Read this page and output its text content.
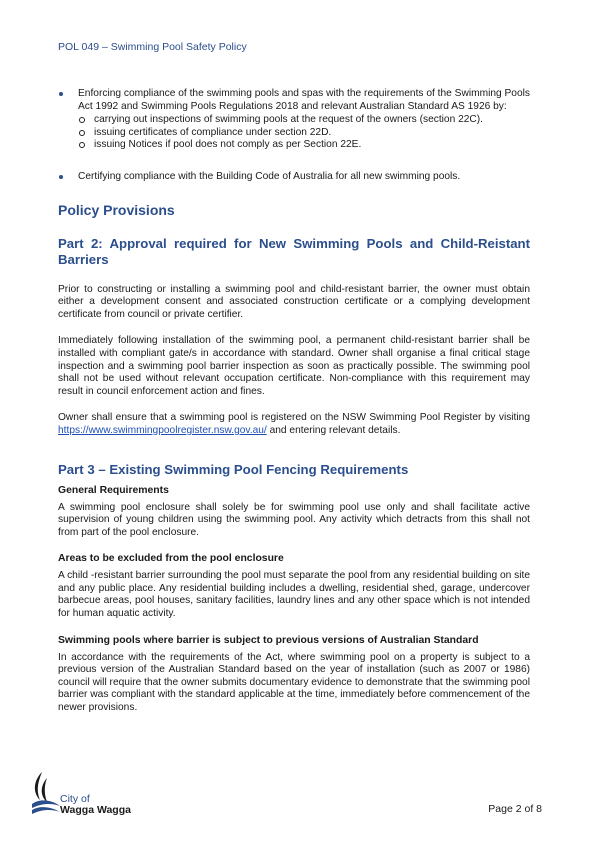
POL 049 – Swimming Pool Safety Policy
Enforcing compliance of the swimming pools and spas with the requirements of the Swimming Pools Act 1992 and Swimming Pools Regulations 2018 and relevant Australian Standard AS 1926 by:
carrying out inspections of swimming pools at the request of the owners (section 22C).
issuing certificates of compliance under section 22D.
issuing Notices if pool does not comply as per Section 22E.
Certifying compliance with the Building Code of Australia for all new swimming pools.
Policy Provisions
Part 2: Approval required for New Swimming Pools and Child-Reistant Barriers

Prior to constructing or installing a swimming pool and child-resistant barrier, the owner must obtain either a development consent and associated construction certificate or a complying development certificate from council or private certifier.

Immediately following installation of the swimming pool, a permanent child-resistant barrier shall be installed with compliant gate/s in accordance with standard. Owner shall organise a final critical stage inspection and a swimming pool barrier inspection as soon as practically possible. The swimming pool shall not be used without relevant occupation certificate. Non-compliance with this requirement may result in council enforcement action and fines.

Owner shall ensure that a swimming pool is registered on the NSW Swimming Pool Register by visiting https://www.swimmingpoolregister.nsw.gov.au/ and entering relevant details.

Part 3 – Existing Swimming Pool Fencing Requirements
General Requirements

A swimming pool enclosure shall solely be for swimming pool use only and shall facilitate active supervision of young children using the swimming pool. Any activity which detracts from this shall not from part of the pool enclosure.

Areas to be excluded from the pool enclosure

A child -resistant barrier surrounding the pool must separate the pool from any residential building on site and any public place. Any residential building includes a dwelling, residential shed, garage, undercover barbecue areas, pool houses, sanitary facilities, laundry lines and any other space which is not intended for human aquatic activity.

Swimming pools where barrier is subject to previous versions of Australian Standard

In accordance with the requirements of the Act, where swimming pool on a property is subject to a previous version of the Australian Standard based on the year of installation (such as 2007 or 1986) council will require that the owner submits documentary evidence to demonstrate that the swimming pool barrier was compliant with the standard applicable at the time, immediately before commencement of the newer provisions.

City of
Wagga Wagga	Page 2 of 8
